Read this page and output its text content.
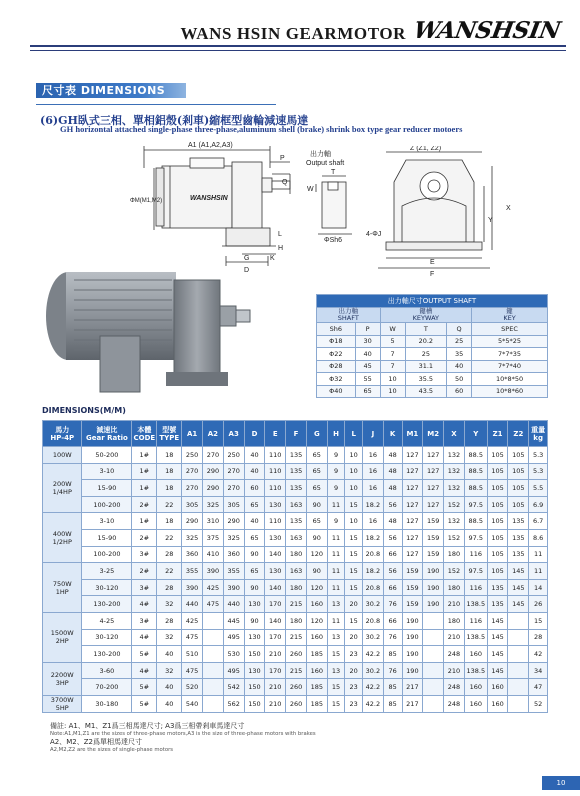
WANS HSIN GEARMOTOR WANSHSIN
尺寸表 DIMENSIONS
(6)GH臥式三相、單相鋁殼(剎車)縮框型齒輪減速馬達
GH horizontal attached single-phase three-phase,aluminum shell (brake) shrink box type gear reducer motoers
A1 (A1,A2,A3)
P
Q
ΦM(M1,M2)	WANSHSIN
L
H
G	K
D
出力軸
Output shaft
T
W
ΦSh6
Z (Z1, Z2)
X
Y
E
F
4-ΦJ
出力軸尺寸OUTPUT SHAFT					
出力軸
SHAFT		鍵槽
KEYWAY			鍵
KEY
Sh6	P	W	T	Q	SPEC
Φ18	30	5	20.2	25	5*5*25
Φ22	40	7	25	35	7*7*35
Φ28	45	7	31.1	40	7*7*40
Φ32	55	10	35.5	50	10*8*50
Φ40	65	10	43.5	60	10*8*60
DIMENSIONS(M/M)
馬力
HP-4P	減速比
Gear Ratio	本體
CODE	型號
TYPE	A1	A2	A3	D	E	F	G	H	L	J	K	M1	M2	X	Y	Z1	Z2	重量
kg
100W	50-200	1#	18	250	270	250	40	110	135	65	9	10	16	48	127	127	132	88.5	105	105	5.3
200W
1/4HP	3-10	1#	18	270	290	270	40	110	135	65	9	10	16	48	127	127	132	88.5	105	105	5.3
	15-90	1#	18	270	290	270	60	110	135	65	9	10	16	48	127	127	132	88.5	105	105	5.5
	100-200	2#	22	305	325	305	65	130	163	90	11	15	18.2	56	127	127	152	97.5	105	105	6.9
400W
1/2HP	3-10	1#	18	290	310	290	40	110	135	65	9	10	16	48	127	159	132	88.5	105	135	6.7
	15-90	2#	22	325	375	325	65	130	163	90	11	15	18.2	56	127	159	152	97.5	105	135	8.6
	100-200	3#	28	360	410	360	90	140	180	120	11	15	20.8	66	127	159	180	116	105	135	11
750W
1HP	3-25	2#	22	355	390	355	65	130	163	90	11	15	18.2	56	159	190	152	97.5	105	145	11
	30-120	3#	28	390	425	390	90	140	180	120	11	15	20.8	66	159	190	180	116	135	145	14
	130-200	4#	32	440	475	440	130	170	215	160	13	20	30.2	76	159	190	210	138.5	135	145	26
1500W
2HP	4-25	3#	28	425		445	90	140	180	120	11	15	20.8	66	190		180	116	145		15
	30-120	4#	32	475		495	130	170	215	160	13	20	30.2	76	190		210	138.5	145		28
	130-200	5#	40	510		530	150	210	260	185	15	23	42.2	85	190		248	160	145		42
2200W
3HP	3-60	4#	32	475		495	130	170	215	160	13	20	30.2	76	190		210	138.5	145		34
	70-200	5#	40	520		542	150	210	260	185	15	23	42.2	85	217		248	160	160		47
3700W
5HP	30-180	5#	40	540		562	150	210	260	185	15	23	42.2	85	217		248	160	160		52
備註: A1、M1、Z1爲三相馬達尺寸; A3爲三相帶剎車馬達尺寸
Note:A1,M1,Z1 are the sizes of three-phase motors,A3 is the size of three-phase motors with brakes
A2、M2、Z2爲單相馬達尺寸
A2,M2,Z2 are the sizes of single-phase motors
10
